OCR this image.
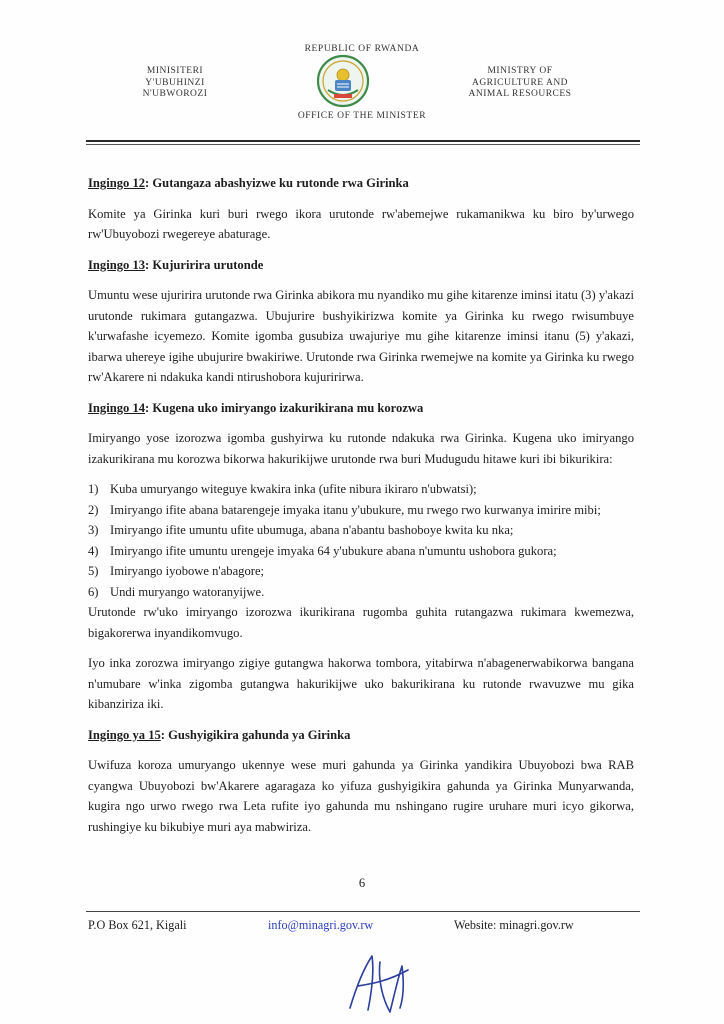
REPUBLIC OF RWANDA
MINISITERI
Y'UBUHINZI
N'UBWOROZI
MINISTRY OF
AGRICULTURE AND
ANIMAL RESOURCES
OFFICE OF THE MINISTER
Ingingo 12: Gutangaza abashyizwe ku rutonde rwa Girinka

Komite ya Girinka kuri buri rwego ikora urutonde rw'abemejwe rukamanikwa ku biro by'urwego rw'Ubuyobozi rwegereye abaturage.

Ingingo 13: Kujuririra urutonde

Umuntu wese ujuririra urutonde rwa Girinka abikora mu nyandiko mu gihe kitarenze iminsi itatu (3) y'akazi urutonde rukimara gutangazwa. Ubujurire bushyikirizwa komite ya Girinka ku rwego rwisumbuye k'urwafashe icyemezo. Komite igomba gusubiza uwajuriye mu gihe kitarenze iminsi itanu (5) y'akazi, ibarwa uhereye igihe ubujurire bwakiriwe. Urutonde rwa Girinka rwemejwe na komite ya Girinka ku rwego rw'Akarere ni ndakuka kandi ntirushobora kujuririrwa.

Ingingo 14: Kugena uko imiryango izakurikirana mu korozwa

Imiryango yose izorozwa igomba gushyirwa ku rutonde ndakuka rwa Girinka. Kugena uko imiryango izakurikirana mu korozwa bikorwa hakurikijwe urutonde rwa buri Mudugudu hitawe kuri ibi bikurikira:

1) Kuba umuryango witeguye kwakira inka (ufite nibura ikiraro n'ubwatsi);
2) Imiryango ifite abana batarengeje imyaka itanu y'ubukure, mu rwego rwo kurwanya imirire mibi;
3) Imiryango ifite umuntu ufite ubumuga, abana n'abantu bashoboye kwita ku nka;
4) Imiryango ifite umuntu urengeje imyaka 64 y'ubukure abana n'umuntu ushobora gukora;
5) Imiryango iyobowe n'abagore;
6) Undi muryango watoranyijwe.

Urutonde rw'uko imiryango izorozwa ikurikirana rugomba guhita rutangazwa rukimara kwemezwa, bigakorerwa inyandikomvugo.

Iyo inka zorozwa imiryango zigiye gutangwa hakorwa tombora, yitabirwa n'abagenerwabikorwa bangana n'umubare w'inka zigomba gutangwa hakurikijwe uko bakurikirana ku rutonde rwavuzwe mu gika kibanziriza iki.

Ingingo ya 15: Gushyigikira gahunda ya Girinka

Uwifuza koroza umuryango ukennye wese muri gahunda ya Girinka yandikira Ubuyobozi bwa RAB cyangwa Ubuyobozi bw'Akarere agaragaza ko yifuza gushyigikira gahunda ya Girinka Munyarwanda, kugira ngo urwo rwego rwa Leta rufite iyo gahunda mu nshingano rugire uruhare muri icyo gikorwa, rushingiye ku bikubiye muri aya mabwiriza.

6
P.O Box 621, Kigali	info@minagri.gov.rw	Website: minagri.gov.rw
